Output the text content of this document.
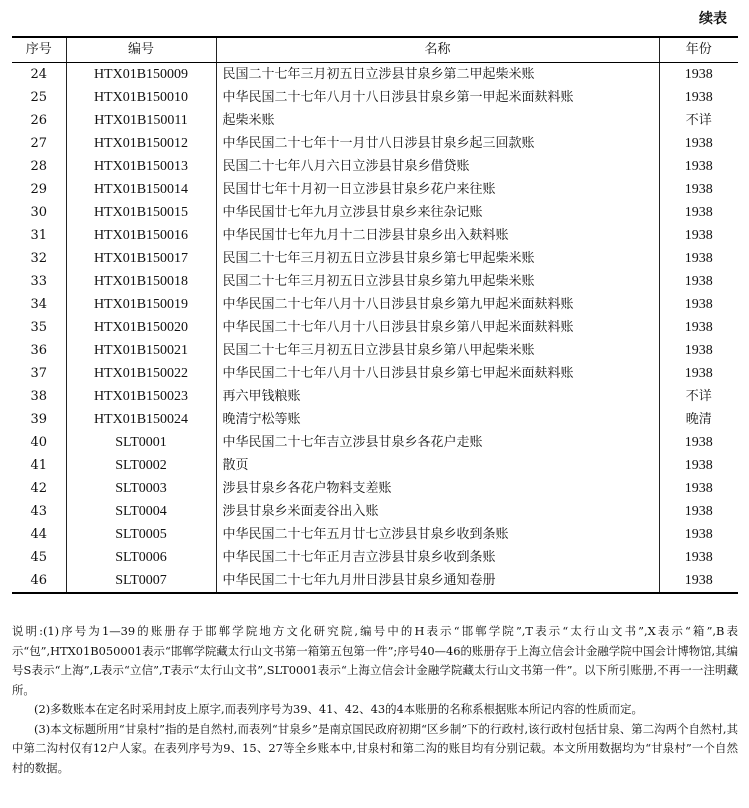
续表
序号	编号	名称	年份
24	HTX01B150009	民国二十七年三月初五日立涉县甘泉乡第二甲起柴米账	1938
25	HTX01B150010	中华民国二十七年八月十八日涉县甘泉乡第一甲起米面麸料账	1938
26	HTX01B150011	起柴米账	不详
27	HTX01B150012	中华民国二十七年十一月廿八日涉县甘泉乡起三回款账	1938
28	HTX01B150013	民国二十七年八月六日立涉县甘泉乡借贷账	1938
29	HTX01B150014	民国廿七年十月初一日立涉县甘泉乡花户来往账	1938
30	HTX01B150015	中华民国廿七年九月立涉县甘泉乡来往杂记账	1938
31	HTX01B150016	中华民国廿七年九月十二日涉县甘泉乡出入麸料账	1938
32	HTX01B150017	民国二十七年三月初五日立涉县甘泉乡第七甲起柴米账	1938
33	HTX01B150018	民国二十七年三月初五日立涉县甘泉乡第九甲起柴米账	1938
34	HTX01B150019	中华民国二十七年八月十八日涉县甘泉乡第九甲起米面麸料账	1938
35	HTX01B150020	中华民国二十七年八月十八日涉县甘泉乡第八甲起米面麸料账	1938
36	HTX01B150021	民国二十七年三月初五日立涉县甘泉乡第八甲起柴米账	1938
37	HTX01B150022	中华民国二十七年八月十八日涉县甘泉乡第七甲起米面麸料账	1938
38	HTX01B150023	再六甲钱粮账	不详
39	HTX01B150024	晚清宁松等账	晚清
40	SLT0001	中华民国二十七年吉立涉县甘泉乡各花户走账	1938
41	SLT0002	散页	1938
42	SLT0003	涉县甘泉乡各花户物料支差账	1938
43	SLT0004	涉县甘泉乡米面麦谷出入账	1938
44	SLT0005	中华民国二十七年五月廿七立涉县甘泉乡收到条账	1938
45	SLT0006	中华民国二十七年正月吉立涉县甘泉乡收到条账	1938
46	SLT0007	中华民国二十七年九月卅日涉县甘泉乡通知卷册	1938

说明:(1)序号为1—39的账册存于邯郸学院地方文化研究院,编号中的H表示“邯郸学院”,T表示“太行山文书”,X表示“箱”,B表示“包”,HTX01B050001表示“邯郸学院藏太行山文书第一箱第五包第一件”;序号40—46的账册存于上海立信会计金融学院中国会计博物馆,其编号S表示“上海”,L表示“立信”,T表示“太行山文书”,SLT0001表示“上海立信会计金融学院藏太行山文书第一件”。以下所引账册,不再一一注明藏所。

(2)多数账本在定名时采用封皮上原字,而表列序号为39、41、42、43的4本账册的名称系根据账本所记内容的性质而定。

(3)本文标题所用“甘泉村”指的是自然村,而表列“甘泉乡”是南京国民政府初期“区乡制”下的行政村,该行政村包括甘泉、第二沟两个自然村,其中第二沟村仅有12户人家。在表列序号为9、15、27等全乡账本中,甘泉村和第二沟的账目均有分别记载。本文所用数据均为“甘泉村”一个自然村的数据。
